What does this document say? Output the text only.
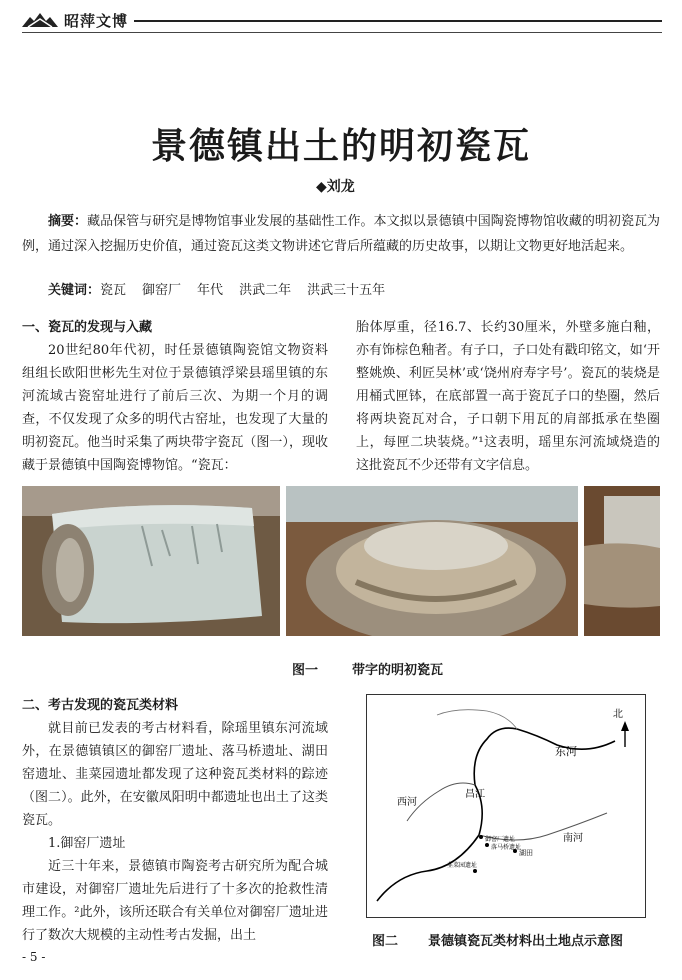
昭萍文博
景德镇出土的明初瓷瓦
◆刘龙
摘要：藏品保管与研究是博物馆事业发展的基础性工作。本文拟以景德镇中国陶瓷博物馆收藏的明初瓷瓦为例，通过深入挖掘历史价值，通过瓷瓦这类文物讲述它背后所蕴藏的历史故事，以期让文物更好地活起来。
关键词：瓷瓦 御窑厂 年代 洪武二年 洪武三十五年
一、瓷瓦的发现与入藏

20世纪80年代初，时任景德镇陶瓷馆文物资料组组长欧阳世彬先生对位于景德镇浮梁县瑶里镇的东河流域古瓷窑址进行了前后三次、为期一个月的调查，不仅发现了众多的明代古窑址，也发现了大量的明初瓷瓦。他当时采集了两块带字瓷瓦（图一），现收藏于景德镇中国陶瓷博物馆。“瓷瓦：

胎体厚重，径16.7、长约30厘米，外壁多施白釉，亦有饰棕色釉者。有子口，子口处有戳印铭文，如‘开整姚焕、利匠吴林’或‘饶州府寿字号’。瓷瓦的装烧是用桶式匣钵，在底部置一高于瓷瓦子口的垫圈，然后将两块瓷瓦对合，子口朝下用瓦的肩部抵承在垫圈上，每匣二块装烧。”¹这表明，瑶里东河流域烧造的这批瓷瓦不少还带有文字信息。

图一	带字的明初瓷瓦
二、考古发现的瓷瓦类材料

就目前已发表的考古材料看，除瑶里镇东河流域外，在景德镇镇区的御窑厂遗址、落马桥遗址、湖田窑遗址、韭菜园遗址都发现了这种瓷瓦类材料的踪迹（图二）。此外，在安徽凤阳明中都遗址也出土了这类瓷瓦。

1.御窑厂遗址

近三十年来，景德镇市陶瓷考古研究所为配合城市建设，对御窑厂遗址先后进行了十多次的抢救性清理工作。²此外，该所还联合有关单位对御窑厂遗址进行了数次大规模的主动性考古发掘，出土

北
东河
西河
昌江
南河
御窑厂遗址
落马桥遗址
湖田
韭菜园遗址
图二 景德镇瓷瓦类材料出土地点示意图
- 5 -
